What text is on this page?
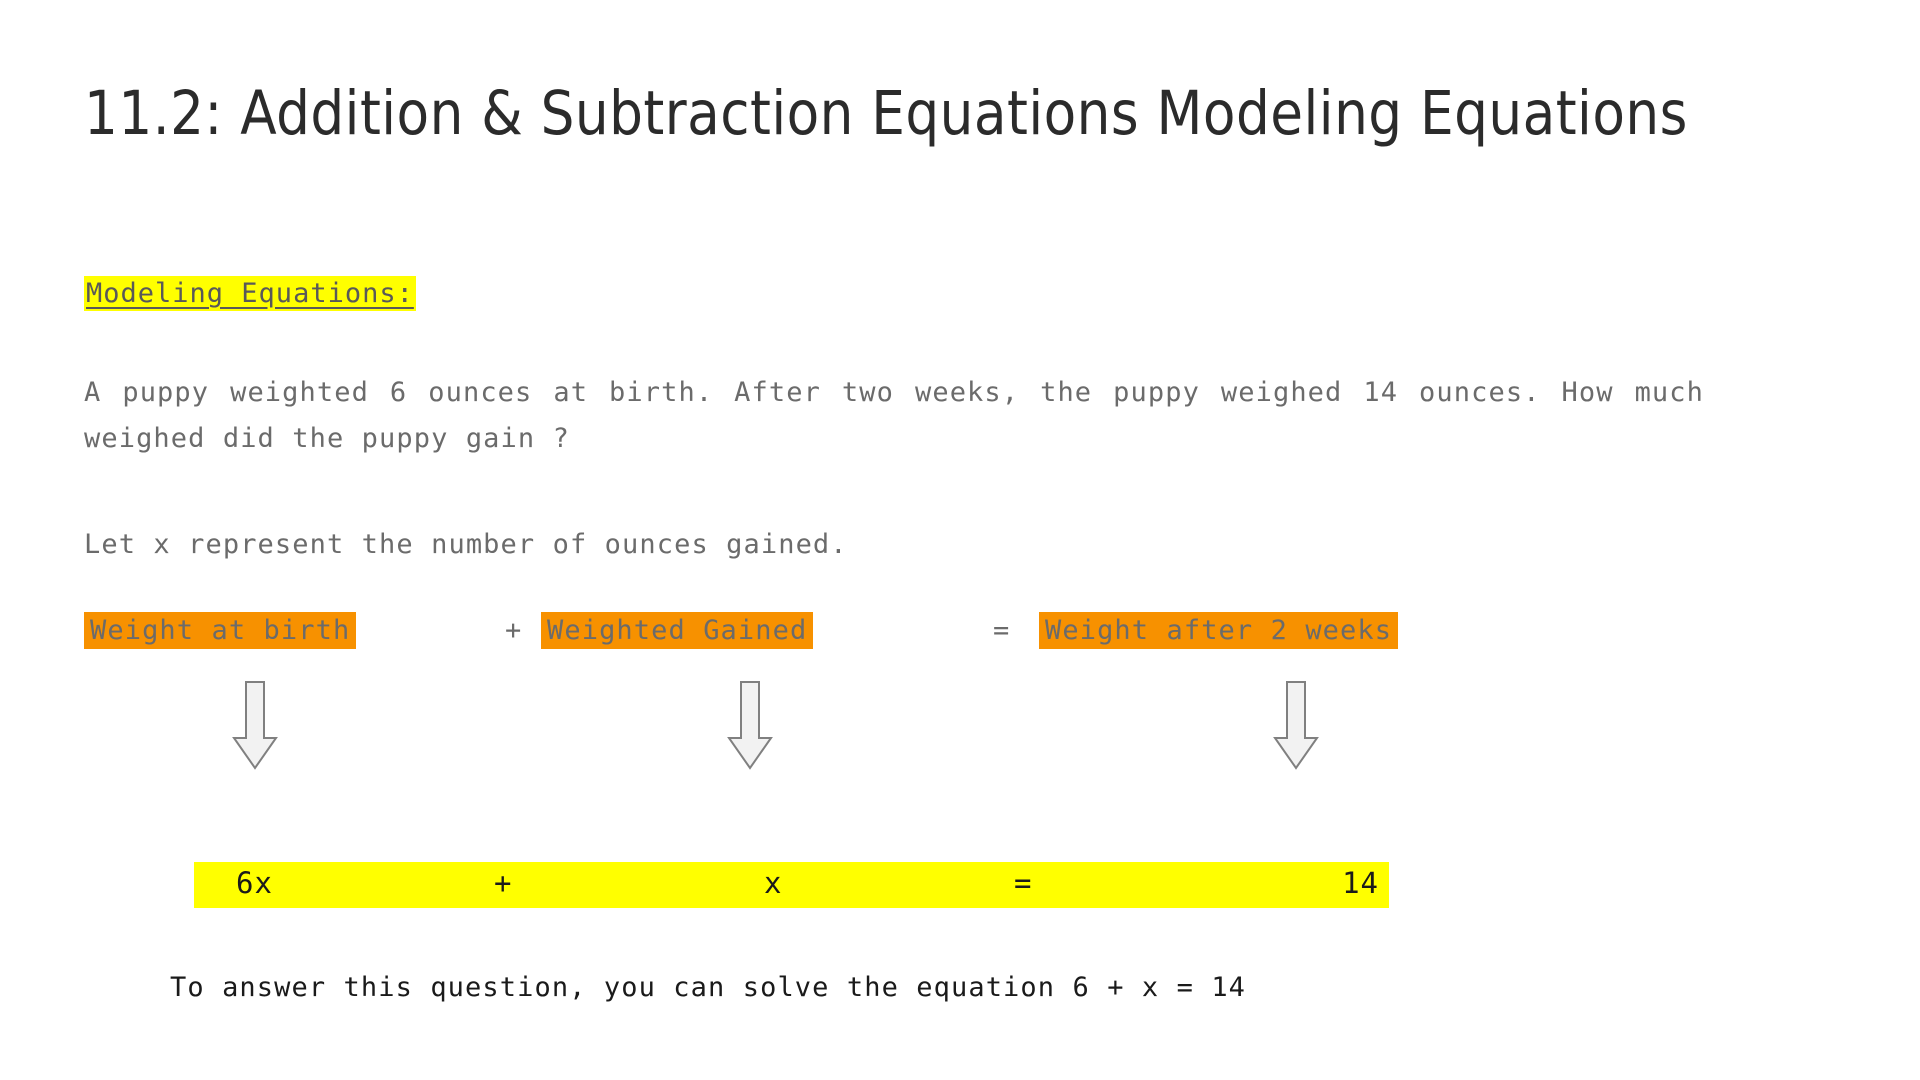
11.2: Addition & Subtraction Equations Modeling Equations
Modeling Equations:
A puppy weighted 6 ounces at birth. After two weeks, the puppy weighed 14 ounces. How much weighed did the puppy gain ?
Let x represent the number of ounces gained.
Weight at birth	+ Weighted Gained	= Weight after 2 weeks
6x	+	x	=	14
To answer this question, you can solve the equation 6 + x = 14
